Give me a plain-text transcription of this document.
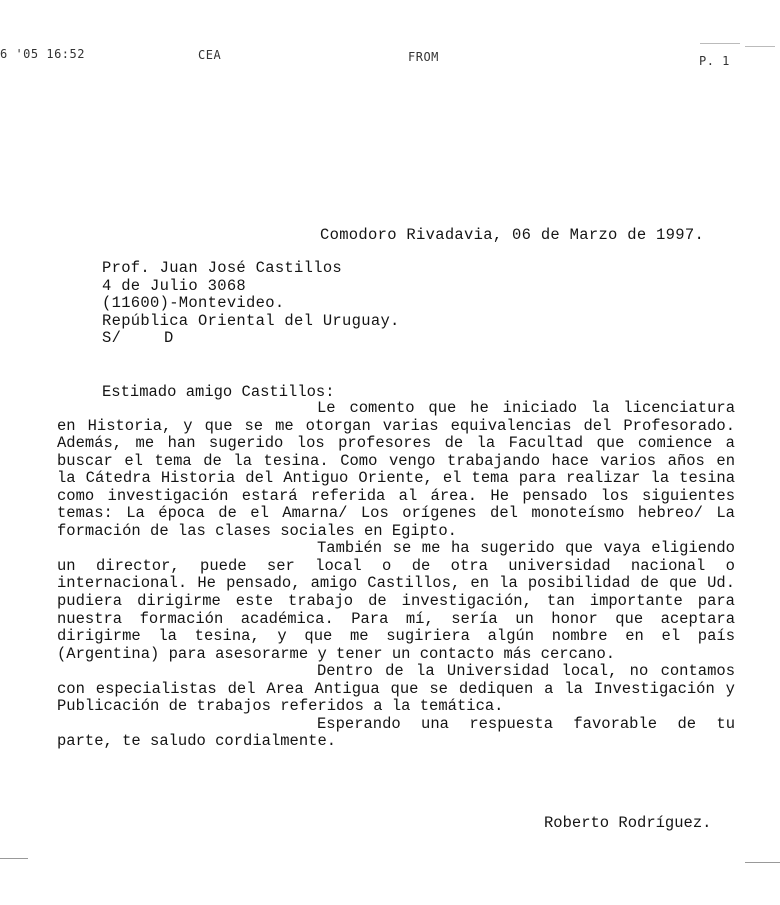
6 '05 16:52	CEA	FROM	P. 1
Comodoro Rivadavia, 06 de Marzo de 1997.
Prof. Juan José Castillos
4 de Julio 3068
(11600)-Montevideo.
República Oriental del Uruguay.
S/	D
Estimado amigo Castillos:

Le comento que he iniciado la licenciatura en Historia, y que se me otorgan varias equivalencias del Profesorado. Además, me han sugerido los profesores de la Facultad que comience a buscar el tema de la tesina. Como vengo trabajando hace varios años en la Cátedra Historia del Antiguo Oriente, el tema para realizar la tesina como investigación estará referida al área. He pensado los siguientes temas: La época de el Amarna/ Los orígenes del monoteísmo hebreo/ La formación de las clases sociales en Egipto.

También se me ha sugerido que vaya eligiendo un director, puede ser local o de otra universidad nacional o internacional. He pensado, amigo Castillos, en la posibilidad de que Ud. pudiera dirigirme este trabajo de investigación, tan importante para nuestra formación académica. Para mí, sería un honor que aceptara dirigirme la tesina, y que me sugiriera algún nombre en el país (Argentina) para asesorarme y tener un contacto más cercano.

Dentro de la Universidad local, no contamos con especialistas del Area Antigua que se dediquen a la Investigación y Publicación de trabajos referidos a la temática.

Esperando una respuesta favorable de tu parte, te saludo cordialmente.

Roberto Rodríguez.
